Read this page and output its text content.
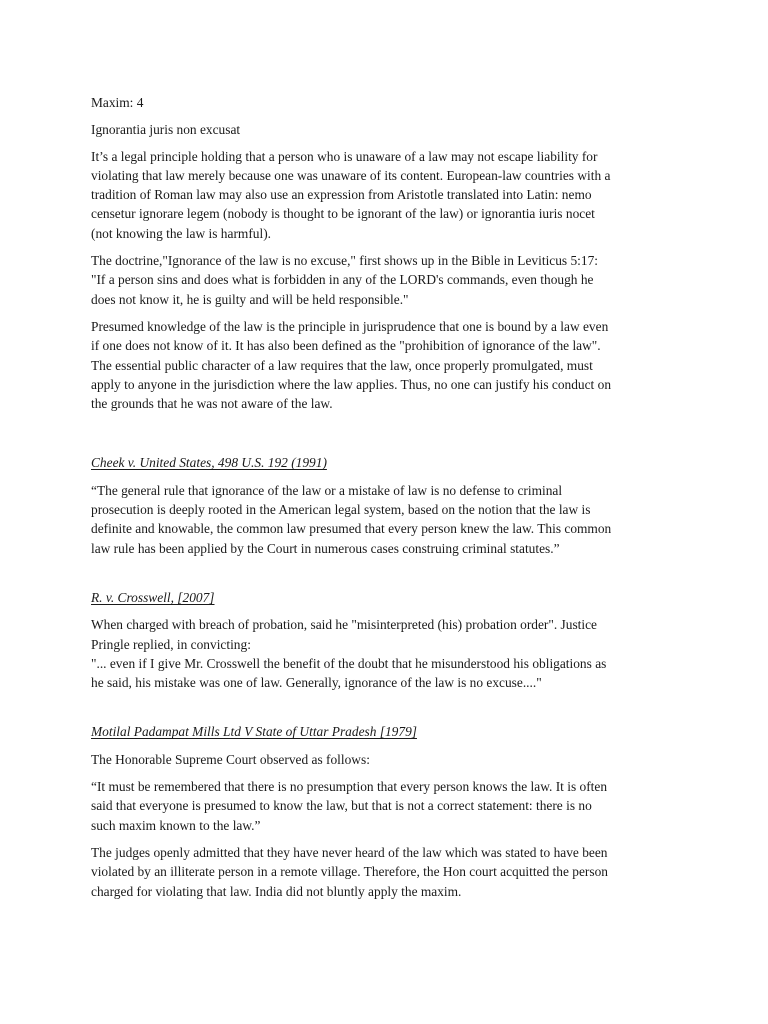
Maxim: 4

Ignorantia juris non excusat

It’s a legal principle holding that a person who is unaware of a law may not escape liability for
violating that law merely because one was unaware of its content. European-law countries with a
tradition of Roman law may also use an expression from Aristotle translated into Latin: nemo
censetur ignorare legem (nobody is thought to be ignorant of the law) or ignorantia iuris nocet
(not knowing the law is harmful).

The doctrine,"Ignorance of the law is no excuse," first shows up in the Bible in Leviticus 5:17:
"If a person sins and does what is forbidden in any of the LORD's commands, even though he
does not know it, he is guilty and will be held responsible."

Presumed knowledge of the law is the principle in jurisprudence that one is bound by a law even
if one does not know of it. It has also been defined as the "prohibition of ignorance of the law".
The essential public character of a law requires that the law, once properly promulgated, must
apply to anyone in the jurisdiction where the law applies. Thus, no one can justify his conduct on
the grounds that he was not aware of the law.

Cheek v. United States, 498 U.S. 192 (1991)

“The general rule that ignorance of the law or a mistake of law is no defense to criminal
prosecution is deeply rooted in the American legal system, based on the notion that the law is
definite and knowable, the common law presumed that every person knew the law. This common
law rule has been applied by the Court in numerous cases construing criminal statutes.”

R. v. Crosswell, [2007]

When charged with breach of probation, said he "misinterpreted (his) probation order". Justice
Pringle replied, in convicting:
"... even if I give Mr. Crosswell the benefit of the doubt that he misunderstood his obligations as
he said, his mistake was one of law. Generally, ignorance of the law is no excuse...."

Motilal Padampat Mills Ltd V State of Uttar Pradesh [1979]

The Honorable Supreme Court observed as follows:

“It must be remembered that there is no presumption that every person knows the law. It is often
said that everyone is presumed to know the law, but that is not a correct statement: there is no
such maxim known to the law.”

The judges openly admitted that they have never heard of the law which was stated to have been
violated by an illiterate person in a remote village. Therefore, the Hon court acquitted the person
charged for violating that law. India did not bluntly apply the maxim.
